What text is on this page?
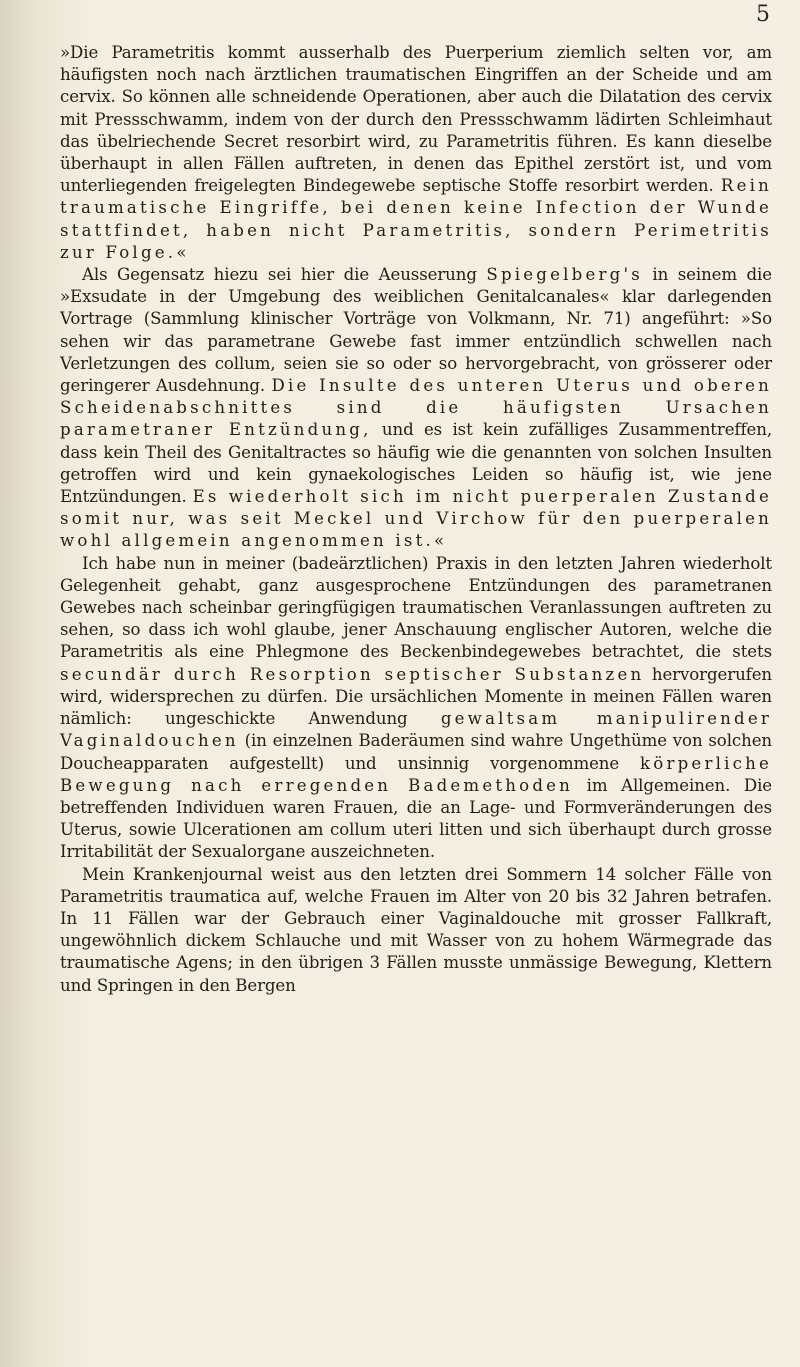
5

»Die Parametritis kommt ausserhalb des Puerperium ziemlich selten vor, am häufigsten noch nach ärztlichen traumatischen Eingriffen an der Scheide und am cervix. So können alle schneidende Operationen, aber auch die Dilatation des cervix mit Pressschwamm, indem von der durch den Pressschwamm lädirten Schleimhaut das übelriechende Secret resorbirt wird, zu Parametritis führen. Es kann dieselbe überhaupt in allen Fällen auftreten, in denen das Epithel zerstört ist, und vom unterliegenden freigelegten Bindegewebe septische Stoffe resorbirt werden. Rein traumatische Eingriffe, bei denen keine Infection der Wunde stattfindet, haben nicht Parametritis, sondern Perimetritis zur Folge.«

Als Gegensatz hiezu sei hier die Aeusserung Spiegelberg's in seinem die »Exsudate in der Umgebung des weiblichen Genitalcanales« klar darlegenden Vortrage (Sammlung klinischer Vorträge von Volkmann, Nr. 71) angeführt: »So sehen wir das parametrane Gewebe fast immer entzündlich schwellen nach Verletzungen des collum, seien sie so oder so hervorgebracht, von grösserer oder geringerer Ausdehnung. Die Insulte des unteren Uterus und oberen Scheidenabschnittes sind die häufigsten Ursachen parametraner Entzündung, und es ist kein zufälliges Zusammentreffen, dass kein Theil des Genitaltractes so häufig wie die genannten von solchen Insulten getroffen wird und kein gynaekologisches Leiden so häufig ist, wie jene Entzündungen. Es wiederholt sich im nicht puerperalen Zustande somit nur, was seit Meckel und Virchow für den puerperalen wohl allgemein angenommen ist.«

Ich habe nun in meiner (badeärztlichen) Praxis in den letzten Jahren wiederholt Gelegenheit gehabt, ganz ausgesprochene Entzündungen des parametranen Gewebes nach scheinbar geringfügigen traumatischen Veranlassungen auftreten zu sehen, so dass ich wohl glaube, jener Anschauung englischer Autoren, welche die Parametritis als eine Phlegmone des Beckenbindegewebes betrachtet, die stets secundär durch Resorption septischer Substanzen hervorgerufen wird, widersprechen zu dürfen. Die ursächlichen Momente in meinen Fällen waren nämlich: ungeschickte Anwendung gewaltsam manipulirender Vaginaldouchen (in einzelnen Baderäumen sind wahre Ungethüme von solchen Doucheapparaten aufgestellt) und unsinnig vorgenommene körperliche Bewegung nach erregenden Bademethoden im Allgemeinen. Die betreffenden Individuen waren Frauen, die an Lage- und Formveränderungen des Uterus, sowie Ulcerationen am collum uteri litten und sich überhaupt durch grosse Irritabilität der Sexualorgane auszeichneten.

Mein Krankenjournal weist aus den letzten drei Sommern 14 solcher Fälle von Parametritis traumatica auf, welche Frauen im Alter von 20 bis 32 Jahren betrafen. In 11 Fällen war der Gebrauch einer Vaginaldouche mit grosser Fallkraft, ungewöhnlich dickem Schlauche und mit Wasser von zu hohem Wärmegrade das traumatische Agens; in den übrigen 3 Fällen musste unmässige Bewegung, Klettern und Springen in den Bergen
